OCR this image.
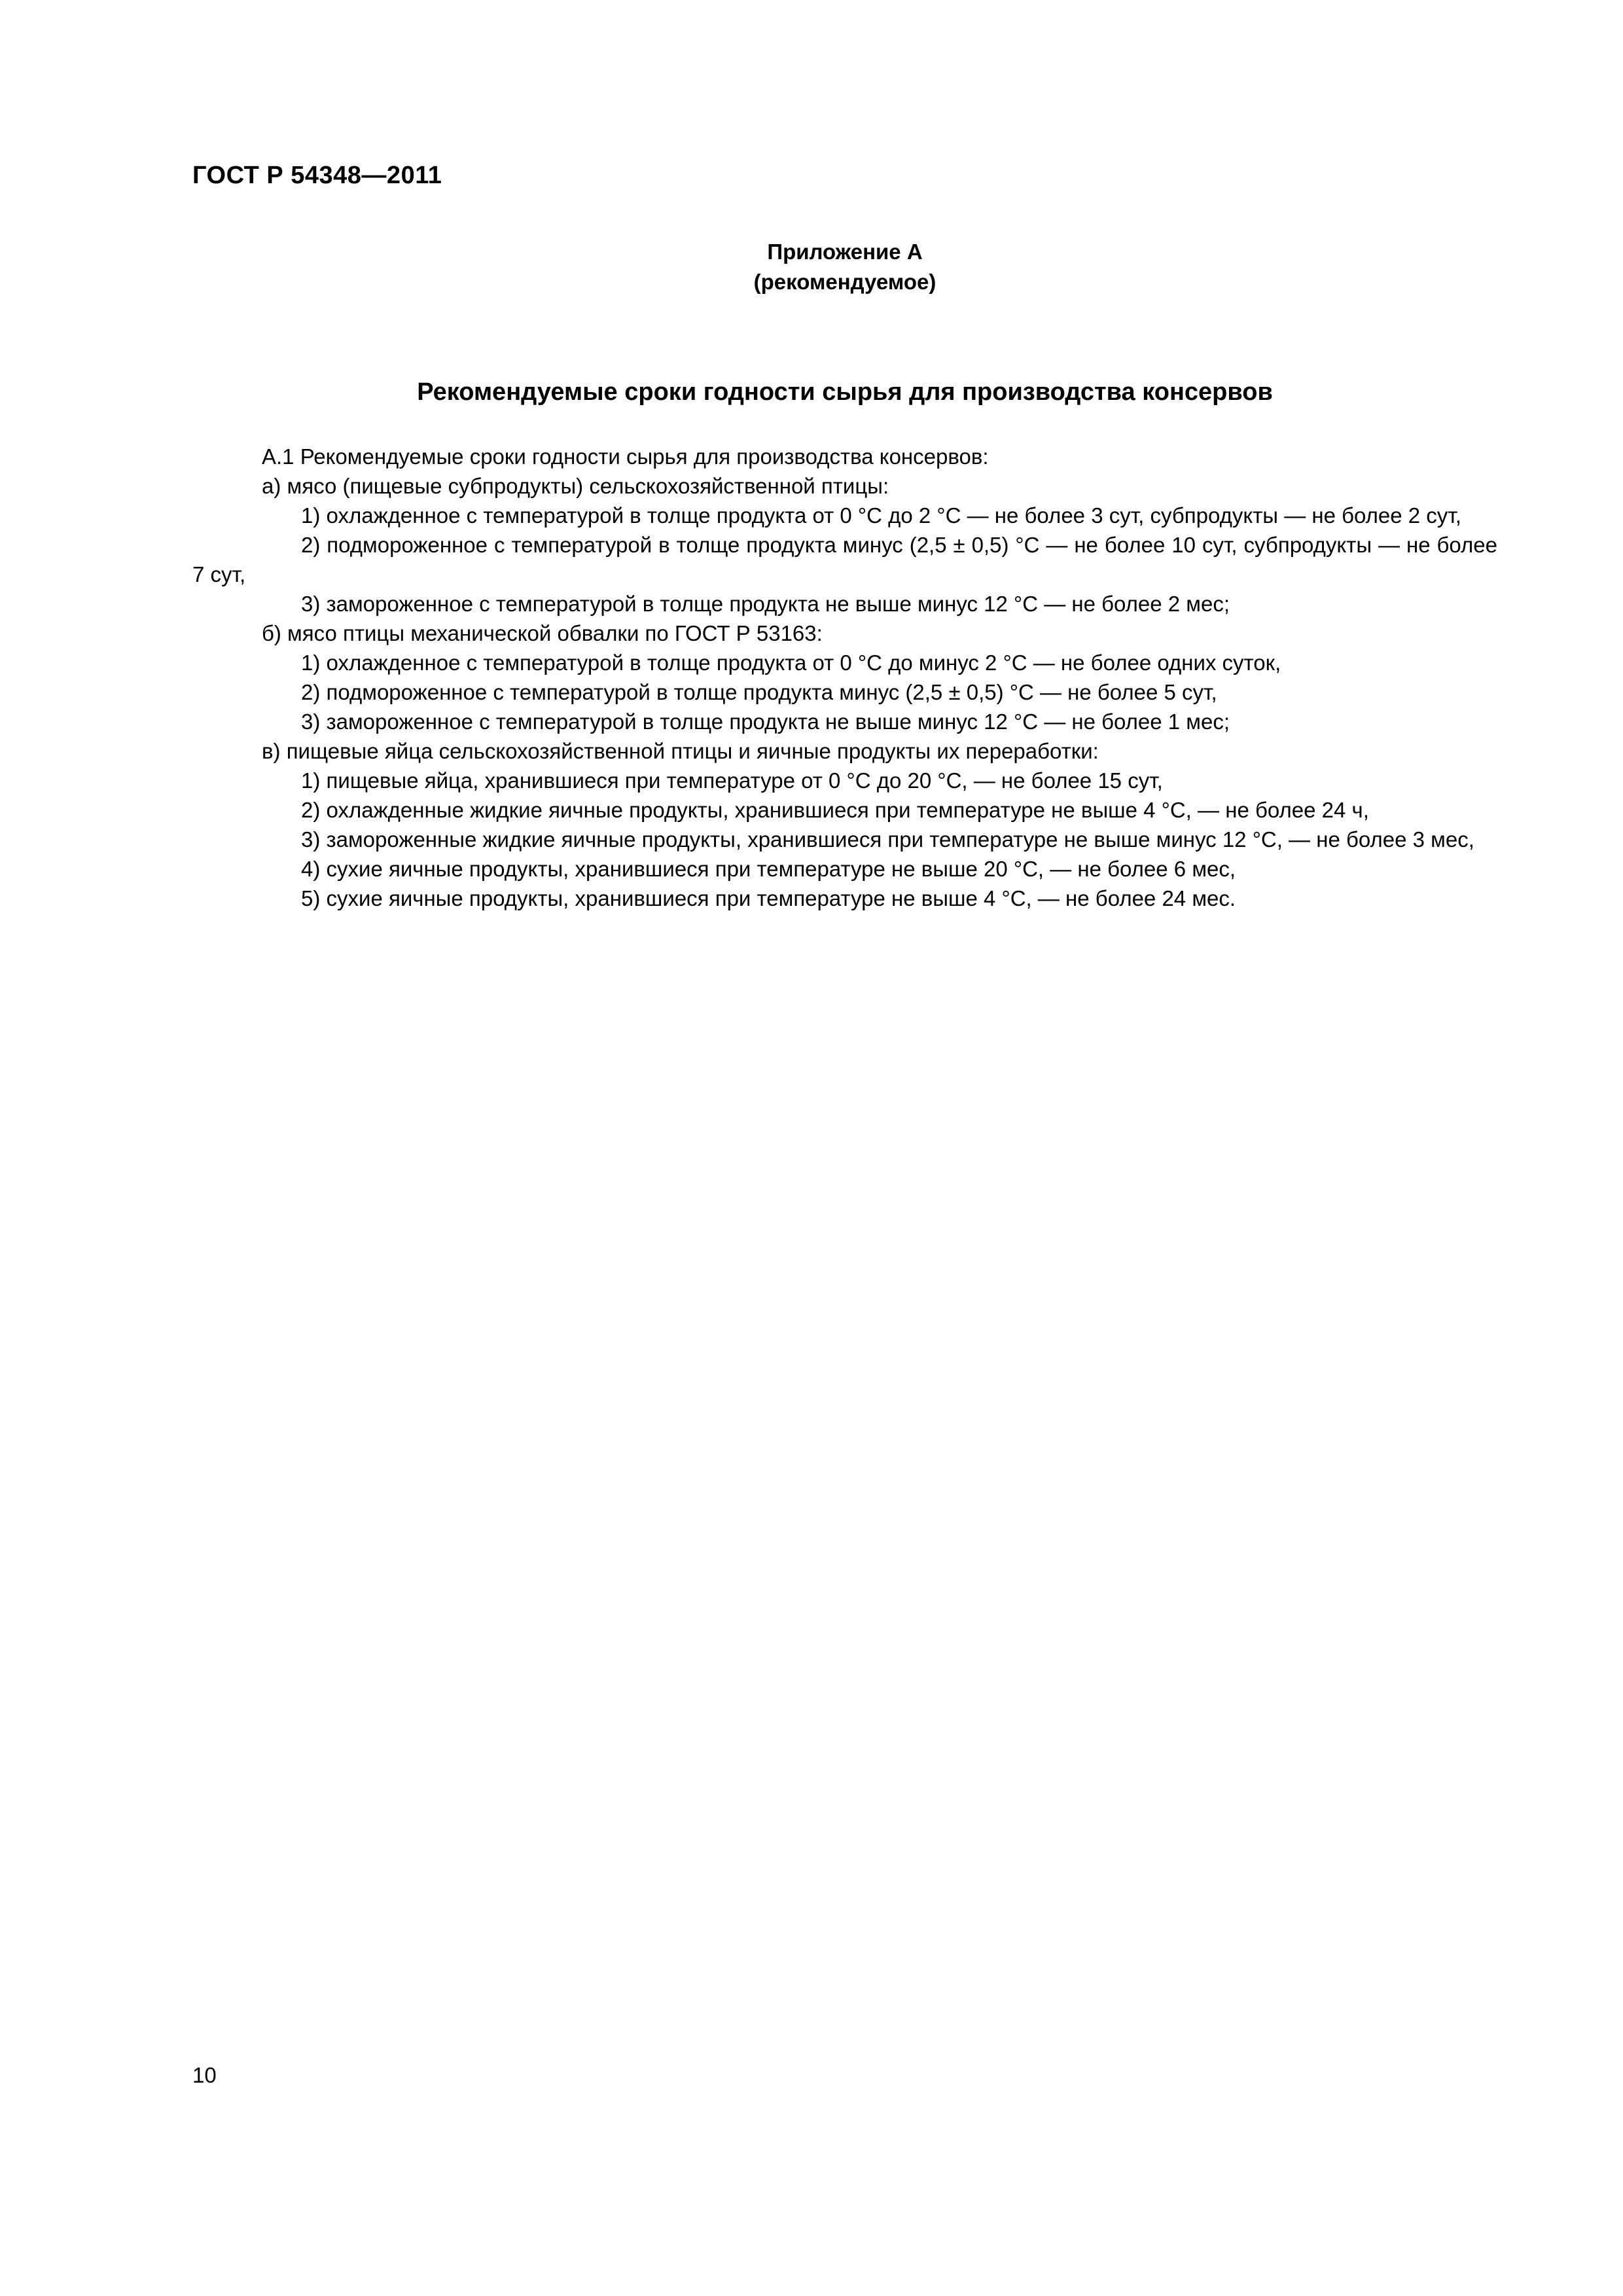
ГОСТ Р 54348—2011
Приложение А
(рекомендуемое)
Рекомендуемые сроки годности сырья для производства консервов

А.1 Рекомендуемые сроки годности сырья для производства консервов:

а) мясо (пищевые субпродукты) сельскохозяйственной птицы:

1) охлажденное с температурой в толще продукта от 0 °С до 2 °С — не более 3 сут, субпродукты — не более 2 сут,

2) подмороженное с температурой в толще продукта минус (2,5 ± 0,5) °С — не более 10 сут, субпродукты — не более 7 сут,

3) замороженное с температурой в толще продукта не выше минус 12 °С — не более 2 мес;

б) мясо птицы механической обвалки по ГОСТ Р 53163:

1) охлажденное с температурой в толще продукта от 0 °С до минус 2 °С — не более одних суток,

2) подмороженное с температурой в толще продукта минус (2,5 ± 0,5) °С — не более 5 сут,

3) замороженное с температурой в толще продукта не выше минус 12 °С — не более 1 мес;

в) пищевые яйца сельскохозяйственной птицы и яичные продукты их переработки:

1) пищевые яйца, хранившиеся при температуре от 0 °С до 20 °С, — не более 15 сут,

2) охлажденные жидкие яичные продукты, хранившиеся при температуре не выше 4 °С, — не более 24 ч,

3) замороженные жидкие яичные продукты, хранившиеся при температуре не выше минус 12 °С, — не более 3 мес,

4) сухие яичные продукты, хранившиеся при температуре не выше 20 °С, — не более 6 мес,

5) сухие яичные продукты, хранившиеся при температуре не выше 4 °С, — не более 24 мес.

10
